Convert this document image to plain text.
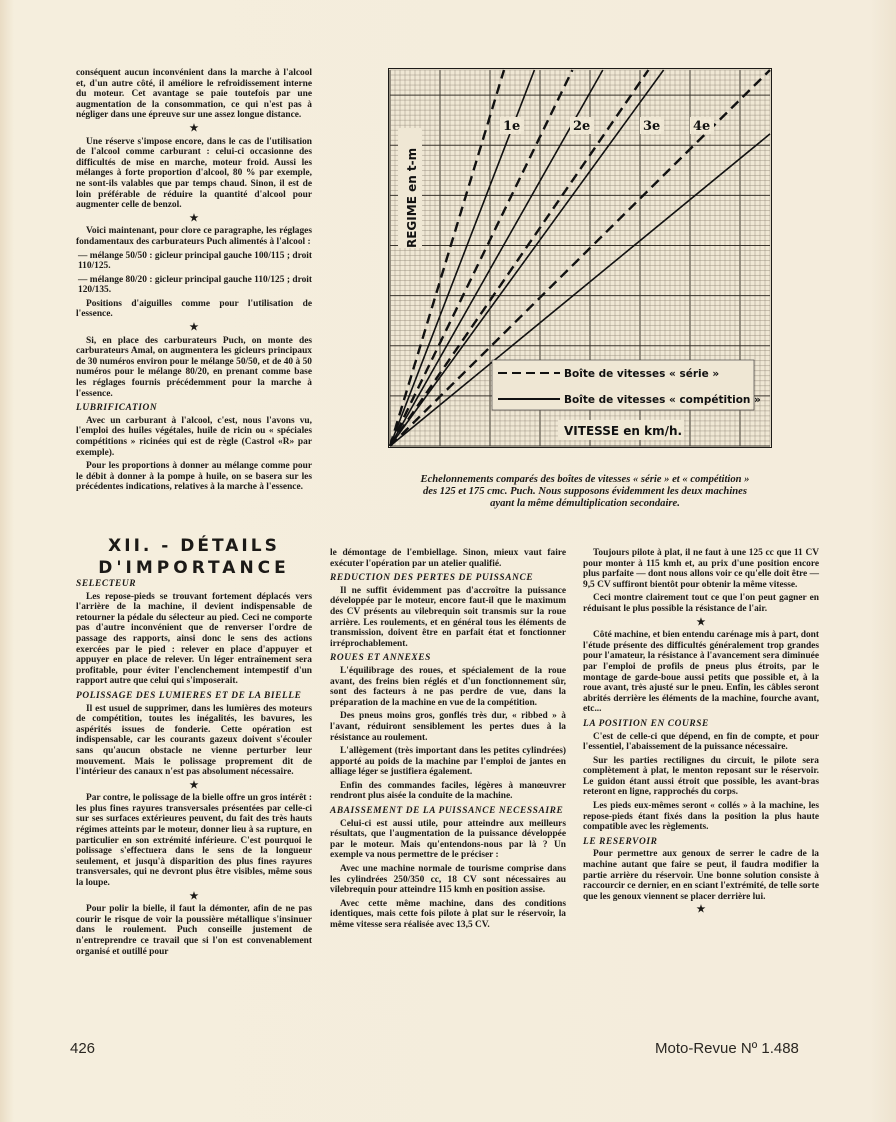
conséquent aucun inconvénient dans la marche à l'alcool et, d'un autre côté, il améliore le refroidissement interne du moteur. Cet avantage se paie toutefois par une augmentation de la consommation, ce qui n'est pas à négliger dans une épreuve sur une assez longue distance.

★

Une réserve s'impose encore, dans le cas de l'utilisation de l'alcool comme carburant : celui-ci occasionne des difficultés de mise en marche, moteur froid. Aussi les mélanges à forte proportion d'alcool, 80 % par exemple, ne sont-ils valables que par temps chaud. Sinon, il est de loin préférable de réduire la quantité d'alcool pour augmenter celle de benzol.

★

Voici maintenant, pour clore ce paragraphe, les réglages fondamentaux des carburateurs Puch alimentés à l'alcool :

— mélange 50/50 : gicleur principal gauche 100/115 ; droit 110/125.

— mélange 80/20 : gicleur principal gauche 110/125 ; droit 120/135.

Positions d'aiguilles comme pour l'utilisation de l'essence.

★

Si, en place des carburateurs Puch, on monte des carburateurs Amal, on augmentera les gicleurs principaux de 30 numéros environ pour le mélange 50/50, et de 40 à 50 numéros pour le mélange 80/20, en prenant comme base les réglages fournis précédemment pour la marche à l'essence.

LUBRIFICATION

Avec un carburant à l'alcool, c'est, nous l'avons vu, l'emploi des huiles végétales, huile de ricin ou « spéciales compétitions » ricinées qui est de règle (Castrol «R» par exemple).

Pour les proportions à donner au mélange comme pour le débit à donner à la pompe à huile, on se basera sur les précédentes indications, relatives à la marche à l'essence.

XII. - DÉTAILS
D'IMPORTANCE
SELECTEUR

Les repose-pieds se trouvant fortement déplacés vers l'arrière de la machine, il devient indispensable de retourner la pédale du sélecteur au pied. Ceci ne comporte pas d'autre inconvénient que de renverser l'ordre de passage des rapports, ainsi donc le sens des actions exercées par le pied : relever en place d'appuyer et appuyer en place de relever. Un léger entraînement sera profitable, pour éviter l'enclenchement intempestif d'un rapport autre que celui qui s'imposerait.

POLISSAGE DES LUMIERES ET DE LA BIELLE

Il est usuel de supprimer, dans les lumières des moteurs de compétition, toutes les inégalités, les bavures, les aspérités issues de fonderie. Cette opération est indispensable, car les courants gazeux doivent s'écouler sans qu'aucun obstacle ne vienne perturber leur mouvement. Mais le polissage proprement dit de l'intérieur des canaux n'est pas absolument nécessaire.

★

Par contre, le polissage de la bielle offre un gros intérêt : les plus fines rayures transversales présentées par celle-ci sur ses surfaces extérieures peuvent, du fait des très hauts régimes atteints par le moteur, donner lieu à sa rupture, en particulier en son extrémité inférieure. C'est pourquoi le polissage s'effectuera dans le sens de la longueur seulement, et jusqu'à disparition des plus fines rayures transversales, qui ne devront plus être visibles, même sous la loupe.

★

Pour polir la bielle, il faut la démonter, afin de ne pas courir le risque de voir la poussière métallique s'insinuer dans le roulement. Puch conseille justement de n'entreprendre ce travail que si l'on est convenablement organisé et outillé pour

le démontage de l'embiellage. Sinon, mieux vaut faire exécuter l'opération par un atelier qualifié.

REDUCTION DES PERTES DE PUISSANCE

Il ne suffit évidemment pas d'accroître la puissance développée par le moteur, encore faut-il que le maximum des CV présents au vilebrequin soit transmis sur la roue arrière. Les roulements, et en général tous les éléments de transmission, doivent être en parfait état et fonctionner irréprochablement.

ROUES ET ANNEXES

L'équilibrage des roues, et spécialement de la roue avant, des freins bien réglés et d'un fonctionnement sûr, sont des facteurs à ne pas perdre de vue, dans la préparation de la machine en vue de la compétition.

Des pneus moins gros, gonflés très dur, « ribbed » à l'avant, réduiront sensiblement les pertes dues à la résistance au roulement.

L'allègement (très important dans les petites cylindrées) apporté au poids de la machine par l'emploi de jantes en alliage léger se justifiera également.

Enfin des commandes faciles, légères à manœuvrer rendront plus aisée la conduite de la machine.

ABAISSEMENT DE LA PUISSANCE NECESSAIRE

Celui-ci est aussi utile, pour atteindre aux meilleurs résultats, que l'augmentation de la puissance développée par le moteur. Mais qu'entendons-nous par là ? Un exemple va nous permettre de le préciser :

Avec une machine normale de tourisme comprise dans les cylindrées 250/350 cc, 18 CV sont nécessaires au vilebrequin pour atteindre 115 kmh en position assise.

Avec cette même machine, dans des conditions identiques, mais cette fois pilote à plat sur le réservoir, la même vitesse sera réalisée avec 13,5 CV.

Toujours pilote à plat, il ne faut à une 125 cc que 11 CV pour monter à 115 kmh et, au prix d'une position encore plus parfaite — dont nous allons voir ce qu'elle doit être — 9,5 CV suffiront bientôt pour obtenir la même vitesse.

Ceci montre clairement tout ce que l'on peut gagner en réduisant le plus possible la résistance de l'air.

★

Côté machine, et bien entendu carénage mis à part, dont l'étude présente des difficultés généralement trop grandes pour l'amateur, la résistance à l'avancement sera diminuée par l'emploi de profils de pneus plus étroits, par le montage de garde-boue aussi petits que possible et, à la roue avant, très ajusté sur le pneu. Enfin, les câbles seront abrités derrière les éléments de la machine, fourche avant, etc...

LA POSITION EN COURSE

C'est de celle-ci que dépend, en fin de compte, et pour l'essentiel, l'abaissement de la puissance nécessaire.

Sur les parties rectilignes du circuit, le pilote sera complètement à plat, le menton reposant sur le réservoir. Le guidon étant aussi étroit que possible, les avant-bras reteront en ligne, rapprochés du corps.

Les pieds eux-mêmes seront « collés » à la machine, les repose-pieds étant fixés dans la position la plus haute compatible avec les règlements.

LE RESERVOIR

Pour permettre aux genoux de serrer le cadre de la machine autant que faire se peut, il faudra modifier la partie arrière du réservoir. Une bonne solution consiste à raccourcir ce dernier, en en sciant l'extrémité, de telle sorte que les genoux viennent se placer derrière lui.

★
REGIME en t-m
1e	2e	3e	4e
Boîte de vitesses « série »
Boîte de vitesses « compétition »
VITESSE en km/h.
Echelonnements comparés des boîtes de vitesses « série » et « compétition » des 125 et 175 cmc. Puch. Nous supposons évidemment les deux machines ayant la même démultiplication secondaire.
426	Moto-Revue Nº 1.488
